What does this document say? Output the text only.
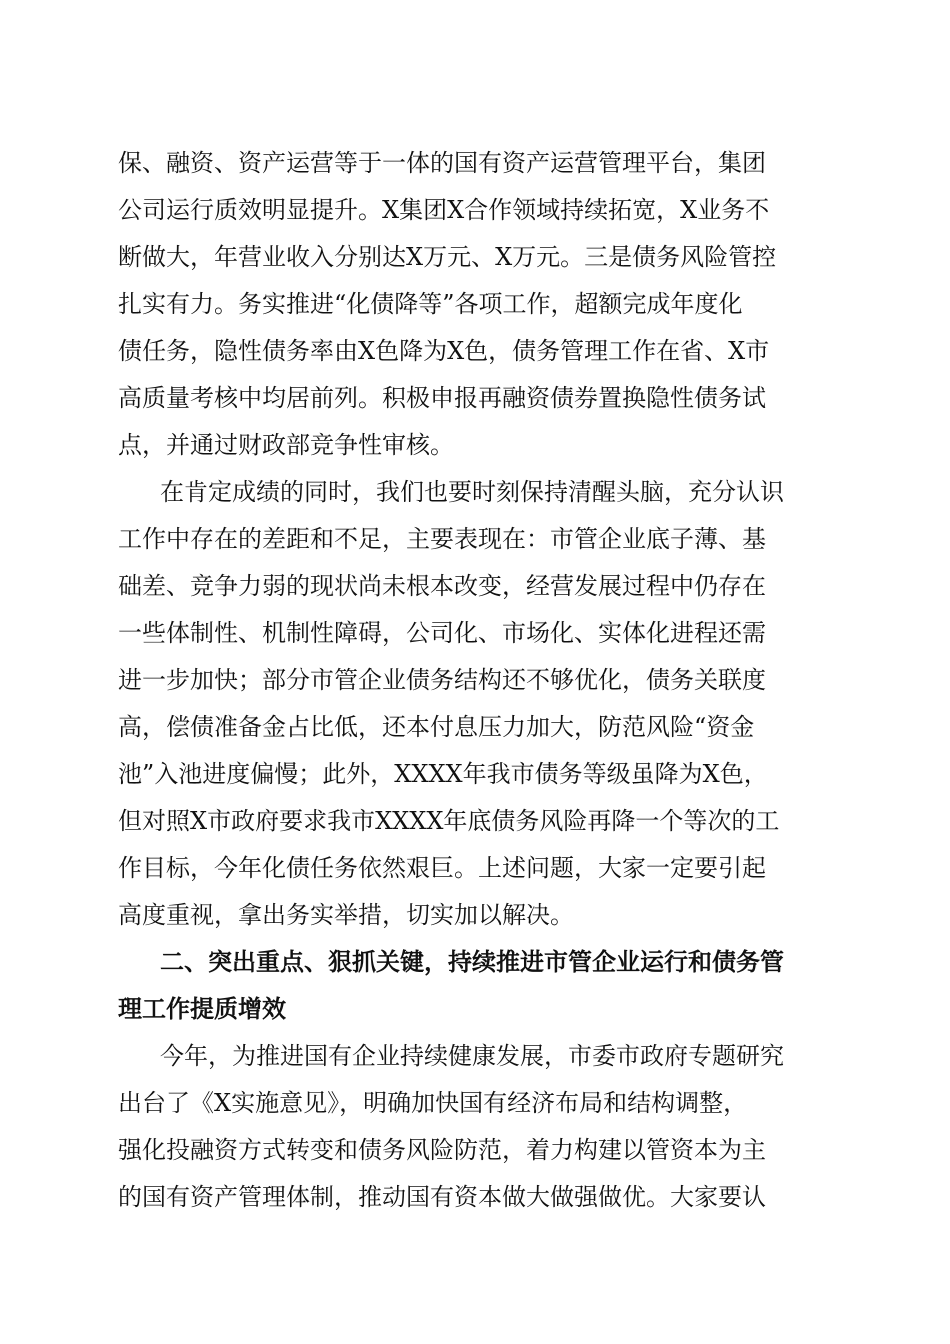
保、融资、资产运营等于一体的国有资产运营管理平台，集团
公司运行质效明显提升。X集团X合作领域持续拓宽，X业务不
断做大，年营业收入分别达X万元、X万元。三是债务风险管控
扎实有力。务实推进“化债降等”各项工作，超额完成年度化
债任务，隐性债务率由X色降为X色，债务管理工作在省、X市
高质量考核中均居前列。积极申报再融资债券置换隐性债务试
点，并通过财政部竞争性审核。
在肯定成绩的同时，我们也要时刻保持清醒头脑，充分认识
工作中存在的差距和不足，主要表现在：市管企业底子薄、基
础差、竞争力弱的现状尚未根本改变，经营发展过程中仍存在
一些体制性、机制性障碍，公司化、市场化、实体化进程还需
进一步加快；部分市管企业债务结构还不够优化，债务关联度
高，偿债准备金占比低，还本付息压力加大，防范风险“资金
池”入池进度偏慢；此外，XXXX年我市债务等级虽降为X色，
但对照X市政府要求我市XXXX年底债务风险再降一个等次的工
作目标，今年化债任务依然艰巨。上述问题，大家一定要引起
高度重视，拿出务实举措，切实加以解决。
二、突出重点、狠抓关键，持续推进市管企业运行和债务管
理工作提质增效
今年，为推进国有企业持续健康发展，市委市政府专题研究
出台了《X实施意见》，明确加快国有经济布局和结构调整，
强化投融资方式转变和债务风险防范，着力构建以管资本为主
的国有资产管理体制，推动国有资本做大做强做优。大家要认
